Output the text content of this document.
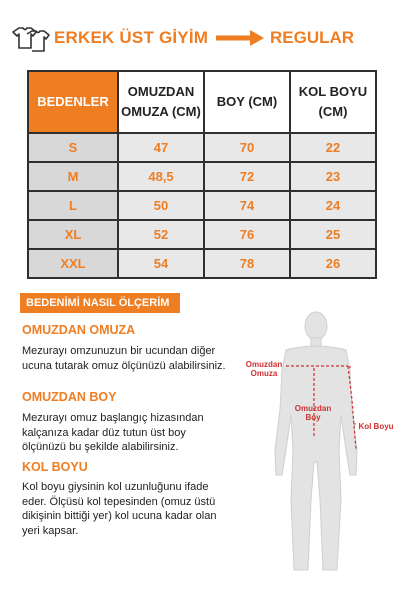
ERKEK ÜST GİYİM	REGULAR
BEDENLER	OMUZDAN OMUZA (CM)	BOY (CM)	KOL BOYU (CM)
S	47	70	22
M	48,5	72	23
L	50	74	24
XL	52	76	25
XXL	54	78	26
BEDENİMİ NASIL ÖLÇERİM
OMUZDAN OMUZA
Mezurayı omzunuzun bir ucundan diğer ucuna tutarak omuz ölçünüzü alabilirsiniz.
OMUZDAN BOY
Mezurayı omuz başlangıç hizasından kalçanıza kadar düz tutun üst boy ölçünüzü bu şekilde alabilirsiniz.
KOL BOYU
Kol boyu giysinin kol uzunluğunu ifade eder. Ölçüsü kol tepesinden (omuz üstü dikişinin bittiği yer) kol ucuna kadar olan yeri kapsar.
Omuzdan Omuza
Omuzdan Boy
Kol Boyu
